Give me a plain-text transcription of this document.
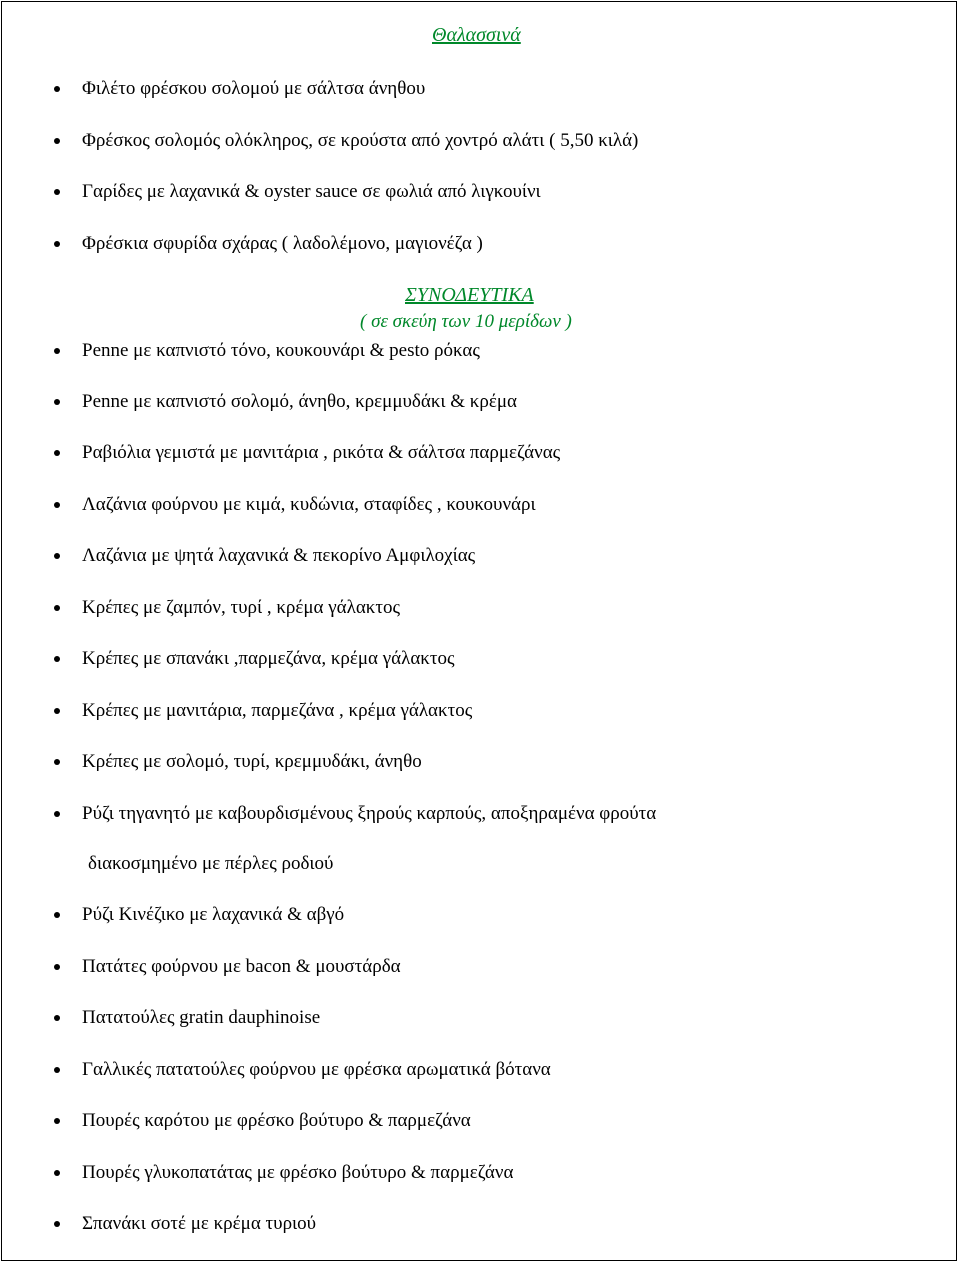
Θαλασσινά
Φιλέτο φρέσκου σολομού με σάλτσα άνηθου
Φρέσκος σολομός ολόκληρος, σε κρούστα από χοντρό αλάτι ( 5,50 κιλά)
Γαρίδες με λαχανικά & oyster sauce σε φωλιά από λιγκουίνι
Φρέσκια σφυρίδα σχάρας ( λαδολέμονο, μαγιονέζα )
ΣΥΝΟΔΕΥΤΙΚΑ
( σε σκεύη των 10 μερίδων )
Penne με καπνιστό τόνο, κουκουνάρι & pesto ρόκας
Penne με καπνιστό σολομό, άνηθο, κρεμμυδάκι & κρέμα
Ραβιόλια γεμιστά με μανιτάρια , ρικότα & σάλτσα παρμεζάνας
Λαζάνια φούρνου με κιμά, κυδώνια, σταφίδες , κουκουνάρι
Λαζάνια με ψητά λαχανικά & πεκορίνο Αμφιλοχίας
Κρέπες με ζαμπόν, τυρί , κρέμα γάλακτος
Κρέπες με σπανάκι ,παρμεζάνα, κρέμα γάλακτος
Κρέπες με μανιτάρια, παρμεζάνα , κρέμα γάλακτος
Κρέπες με σολομό, τυρί, κρεμμυδάκι, άνηθο
Ρύζι τηγανητό με καβουρδισμένους ξηρούς καρπούς, αποξηραμένα φρούτα
διακοσμημένο με πέρλες ροδιού
Ρύζι Κινέζικο με λαχανικά & αβγό
Πατάτες φούρνου με bacon & μουστάρδα
Πατατούλες gratin dauphinoise
Γαλλικές πατατούλες φούρνου με φρέσκα αρωματικά βότανα
Πουρές καρότου με φρέσκο βούτυρο & παρμεζάνα
Πουρές γλυκοπατάτας με φρέσκο βούτυρο & παρμεζάνα
Σπανάκι σοτέ με κρέμα τυριού
